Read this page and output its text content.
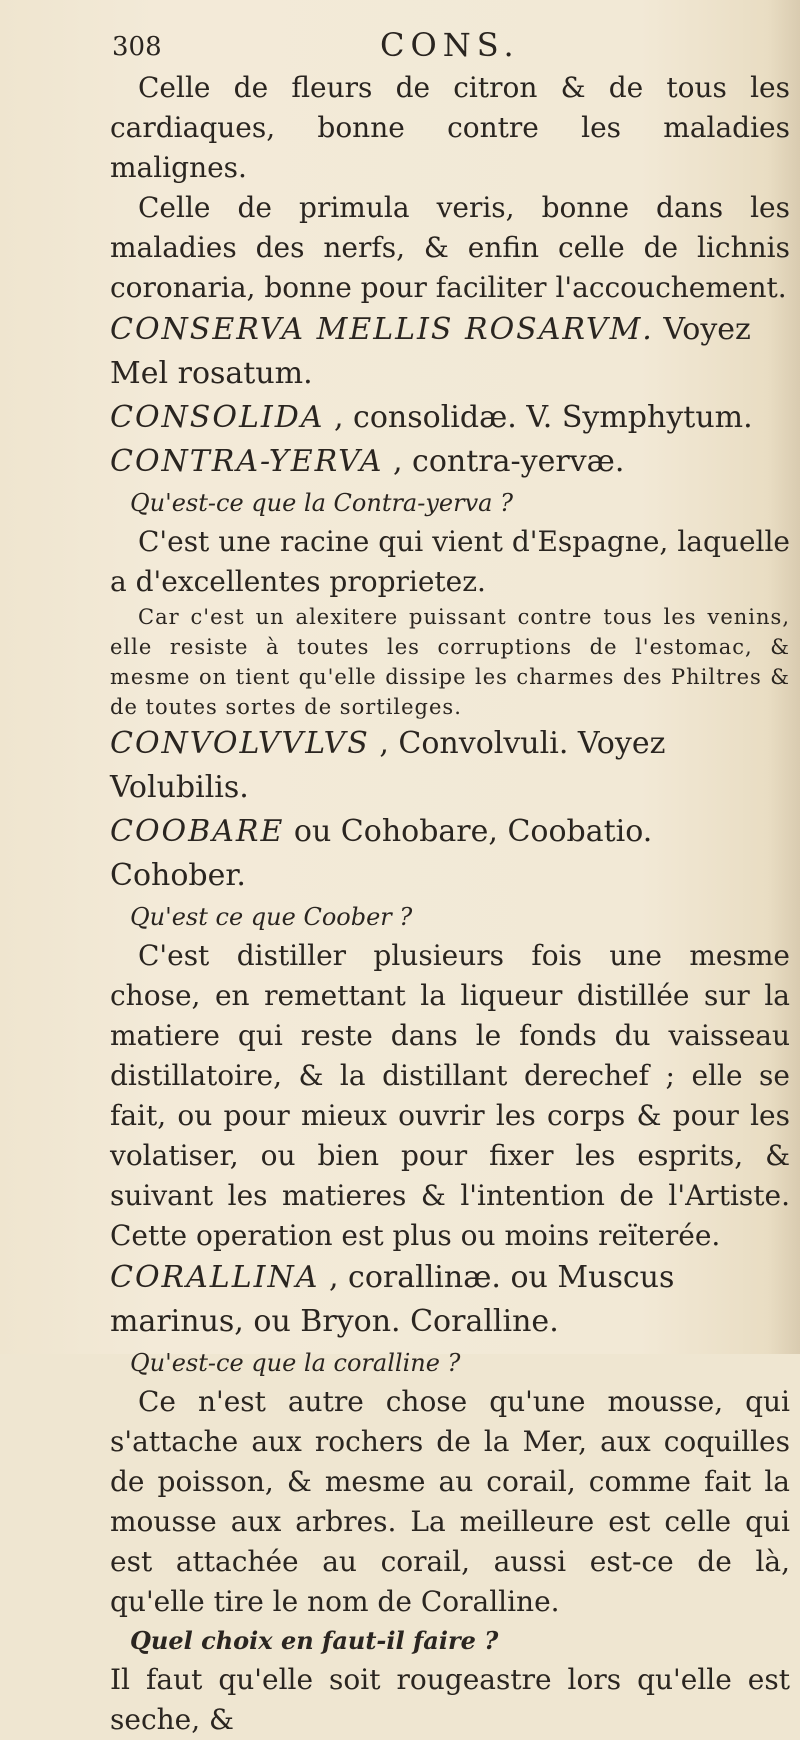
308	CONS.

Celle de fleurs de citron & de tous les cardiaques, bonne contre les maladies malignes.

Celle de primula veris, bonne dans les maladies des nerfs, & enfin celle de lichnis coronaria, bonne pour faciliter l'accouchement.

CONSERVA MELLIS ROSARVM. Voyez Mel rosatum.

CONSOLIDA , consolidæ. V. Symphytum.

CONTRA-YERVA , contra-yervæ.

Qu'est-ce que la Contra-yerva ?

C'est une racine qui vient d'Espagne, laquelle a d'excellentes proprietez.

Car c'est un alexitere puissant contre tous les venins, elle resiste à toutes les corruptions de l'estomac, & mesme on tient qu'elle dissipe les charmes des Philtres & de toutes sortes de sortileges.

CONVOLVVLVS , Convolvuli. Voyez Volubilis.

COOBARE ou Cohobare, Coobatio. Cohober.

Qu'est ce que Coober ?

C'est distiller plusieurs fois une mesme chose, en remettant la liqueur distillée sur la matiere qui reste dans le fonds du vaisseau distillatoire, & la distillant derechef ; elle se fait, ou pour mieux ouvrir les corps & pour les volatiser, ou bien pour fixer les esprits, & suivant les matieres & l'intention de l'Artiste. Cette operation est plus ou moins reïterée.

CORALLINA , corallinæ. ou Muscus marinus, ou Bryon. Coralline.

Qu'est-ce que la coralline ?

Ce n'est autre chose qu'une mousse, qui s'attache aux rochers de la Mer, aux coquilles de poisson, & mesme au corail, comme fait la mousse aux arbres. La meilleure est celle qui est attachée au corail, aussi est-ce de là, qu'elle tire le nom de Coralline.

Quel choix en faut-il faire ?

Il faut qu'elle soit rougeastre lors qu'elle est seche, &
